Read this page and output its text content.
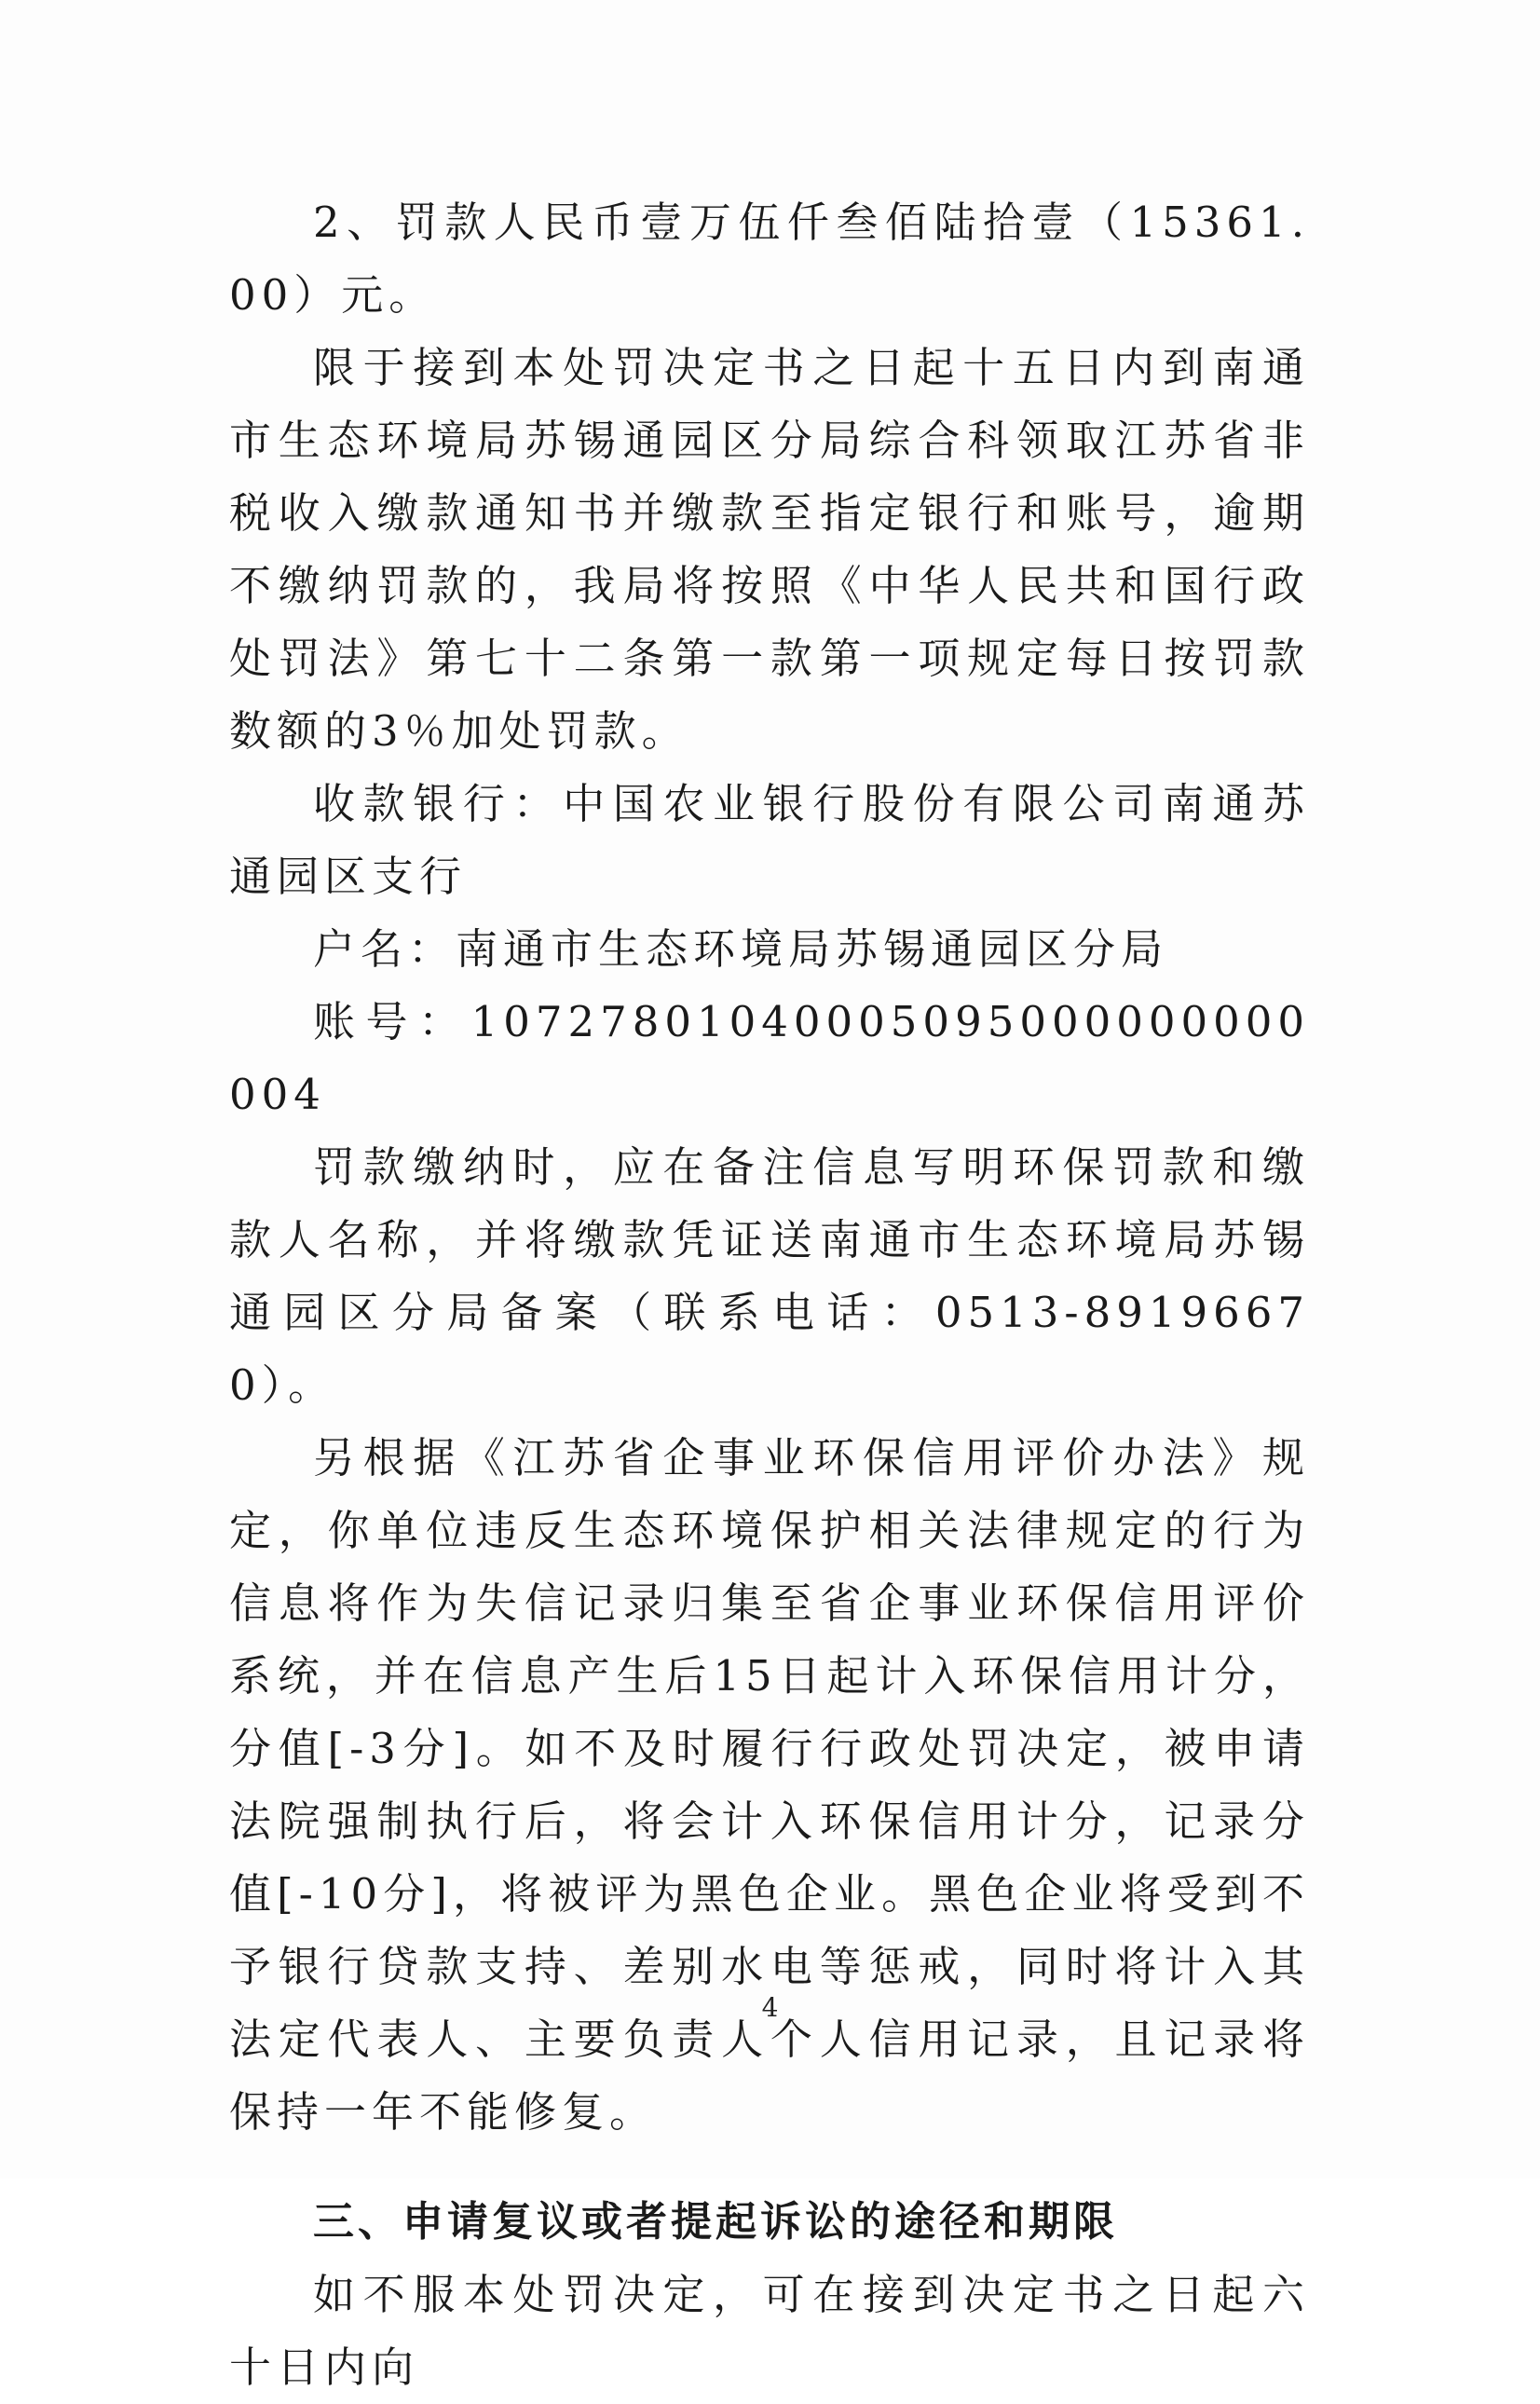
2、罚款人民币壹万伍仟叁佰陆拾壹（15361.00）元。

限于接到本处罚决定书之日起十五日内到南通市生态环境局苏锡通园区分局综合科领取江苏省非税收入缴款通知书并缴款至指定银行和账号，逾期不缴纳罚款的，我局将按照《中华人民共和国行政处罚法》第七十二条第一款第一项规定每日按罚款数额的3％加处罚款。

收款银行：中国农业银行股份有限公司南通苏通园区支行

户名：南通市生态环境局苏锡通园区分局

账号：10727801040005095000000000004

罚款缴纳时，应在备注信息写明环保罚款和缴款人名称，并将缴款凭证送南通市生态环境局苏锡通园区分局备案（联系电话：0513-89196670）。

另根据《江苏省企事业环保信用评价办法》规定，你单位违反生态环境保护相关法律规定的行为信息将作为失信记录归集至省企事业环保信用评价系统，并在信息产生后15日起计入环保信用计分，分值[-3分]。如不及时履行行政处罚决定，被申请法院强制执行后，将会计入环保信用计分，记录分值[-10分]，将被评为黑色企业。黑色企业将受到不予银行贷款支持、差别水电等惩戒，同时将计入其法定代表人、主要负责人个人信用记录，且记录将保持一年不能修复。

三、申请复议或者提起诉讼的途径和期限

如不服本处罚决定，可在接到决定书之日起六十日内向

4
